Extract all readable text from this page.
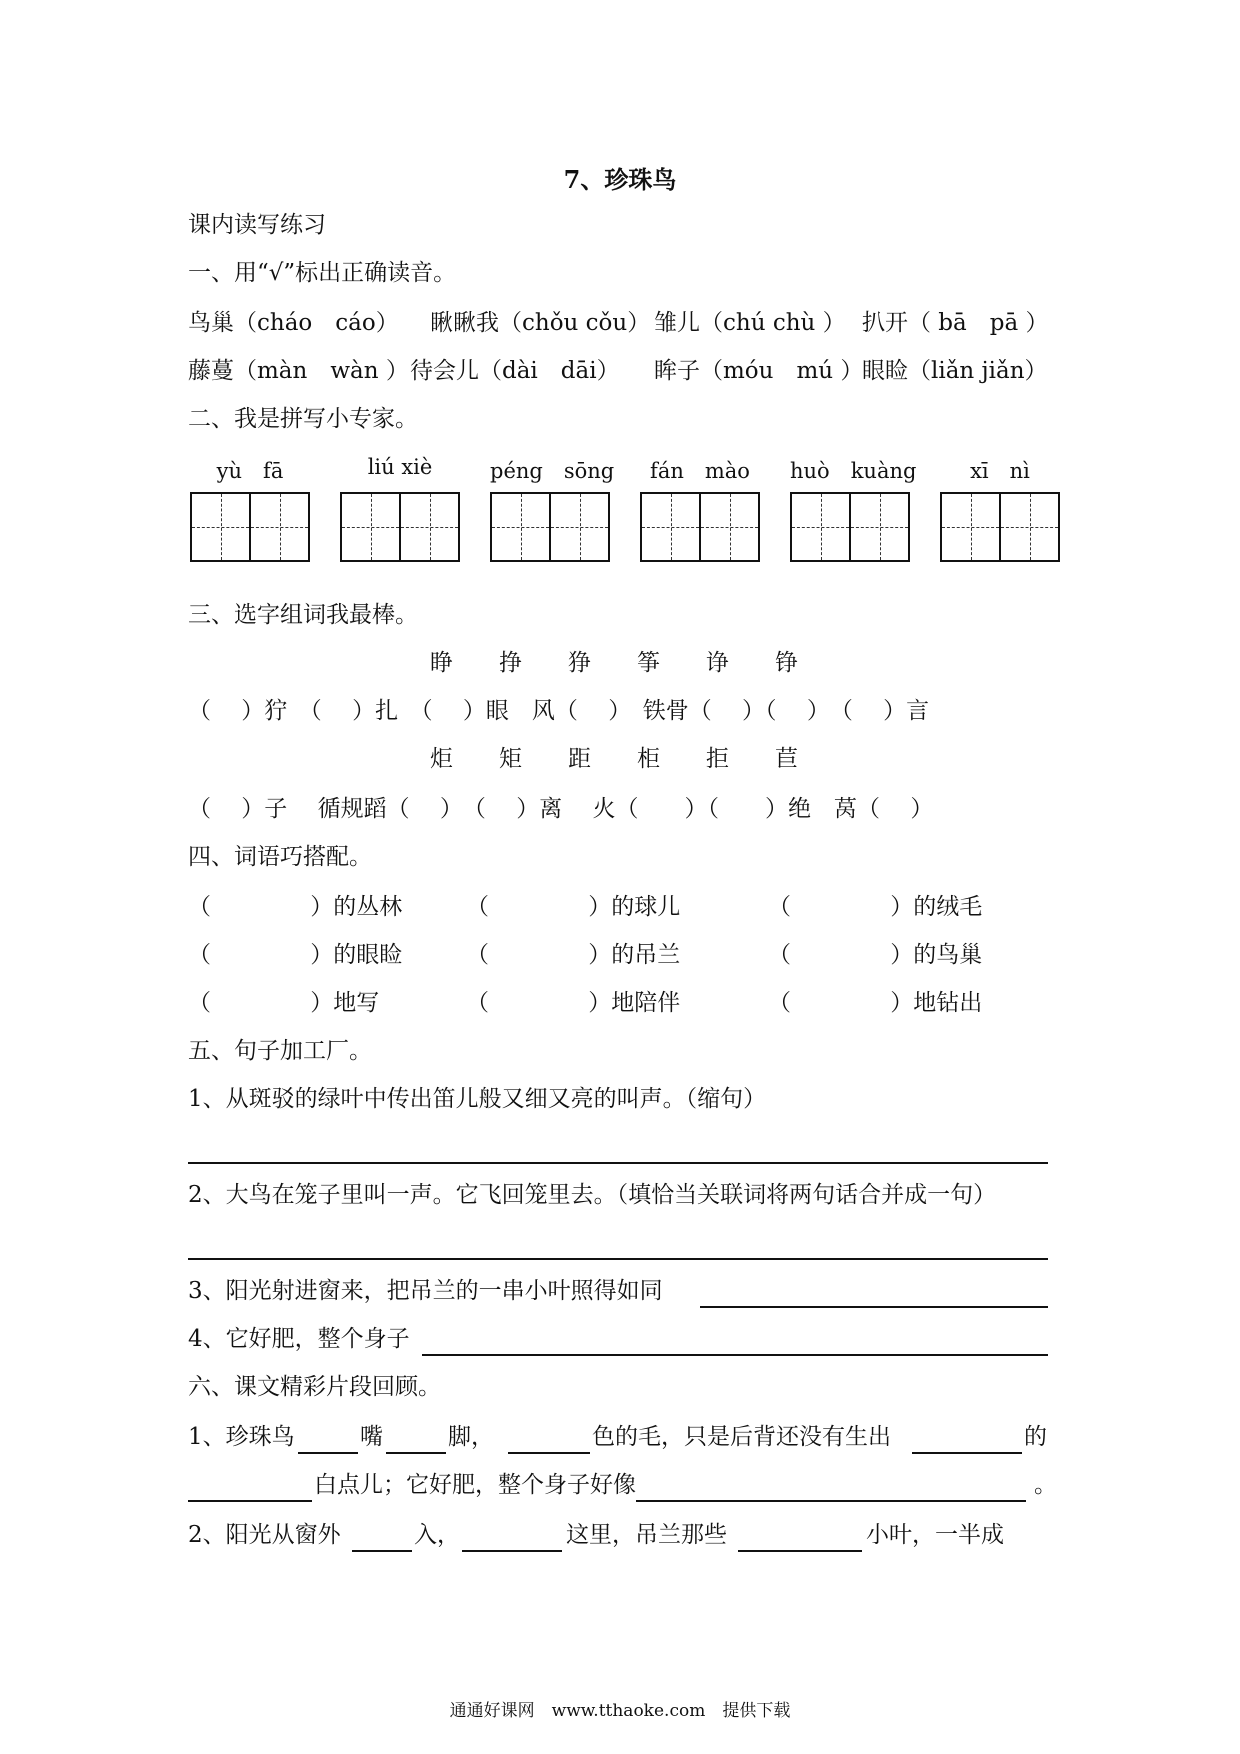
7、珍珠鸟
课内读写练习
一、用“√”标出正确读音。
鸟巢（cháo　cáo） 瞅瞅我（chǒu cǒu） 雏儿（chú chù ） 扒开（ bā　pā ）
藤蔓（màn　wàn ） 待会儿（dài　dāi） 眸子（móu　mú ）
眼睑（liǎn jiǎn）
二、我是拼写小专家。
yù　fā	liú xiè	péng　sōng	fán　mào	huò　kuàng	xī　nì
三、选字组词我最棒。
睁　　挣　　狰　　筝　　诤　　铮
（　 ）狞　（　 ）扎　（　 ）眼　风（　 ）　铁骨（　 ）（　 ）　（　 ）言
炬　　矩　　距　　柜　　拒　　苣
（　 ）子　 循规蹈（　 ）　（　 ）离　 火（　　）（　　）绝　莴（　 ）
四、词语巧搭配。
（　　　　 ）的丛林	（　　　　 ）的球儿	（　　　　 ）的绒毛
（　　　　 ）的眼睑	（　　　　 ）的吊兰	（　　　　 ）的鸟巢
（　　　　 ）地写	（　　　　 ）地陪伴	（　　　　 ）地钻出
五、句子加工厂。
1、从斑驳的绿叶中传出笛儿般又细又亮的叫声。（缩句）
2、大鸟在笼子里叫一声。它飞回笼里去。（填恰当关联词将两句话合并成一句）
3、阳光射进窗来，把吊兰的一串小叶照得如同
4、它好肥，整个身子
六、课文精彩片段回顾。
1、珍珠鸟	嘴	脚，	色的毛，只是后背还没有生出	的
白点儿；它好肥，整个身子好像	。
2、阳光从窗外	入，	这里，吊兰那些	小叶，一半成
通通好课网　www.tthaoke.com　提供下载
